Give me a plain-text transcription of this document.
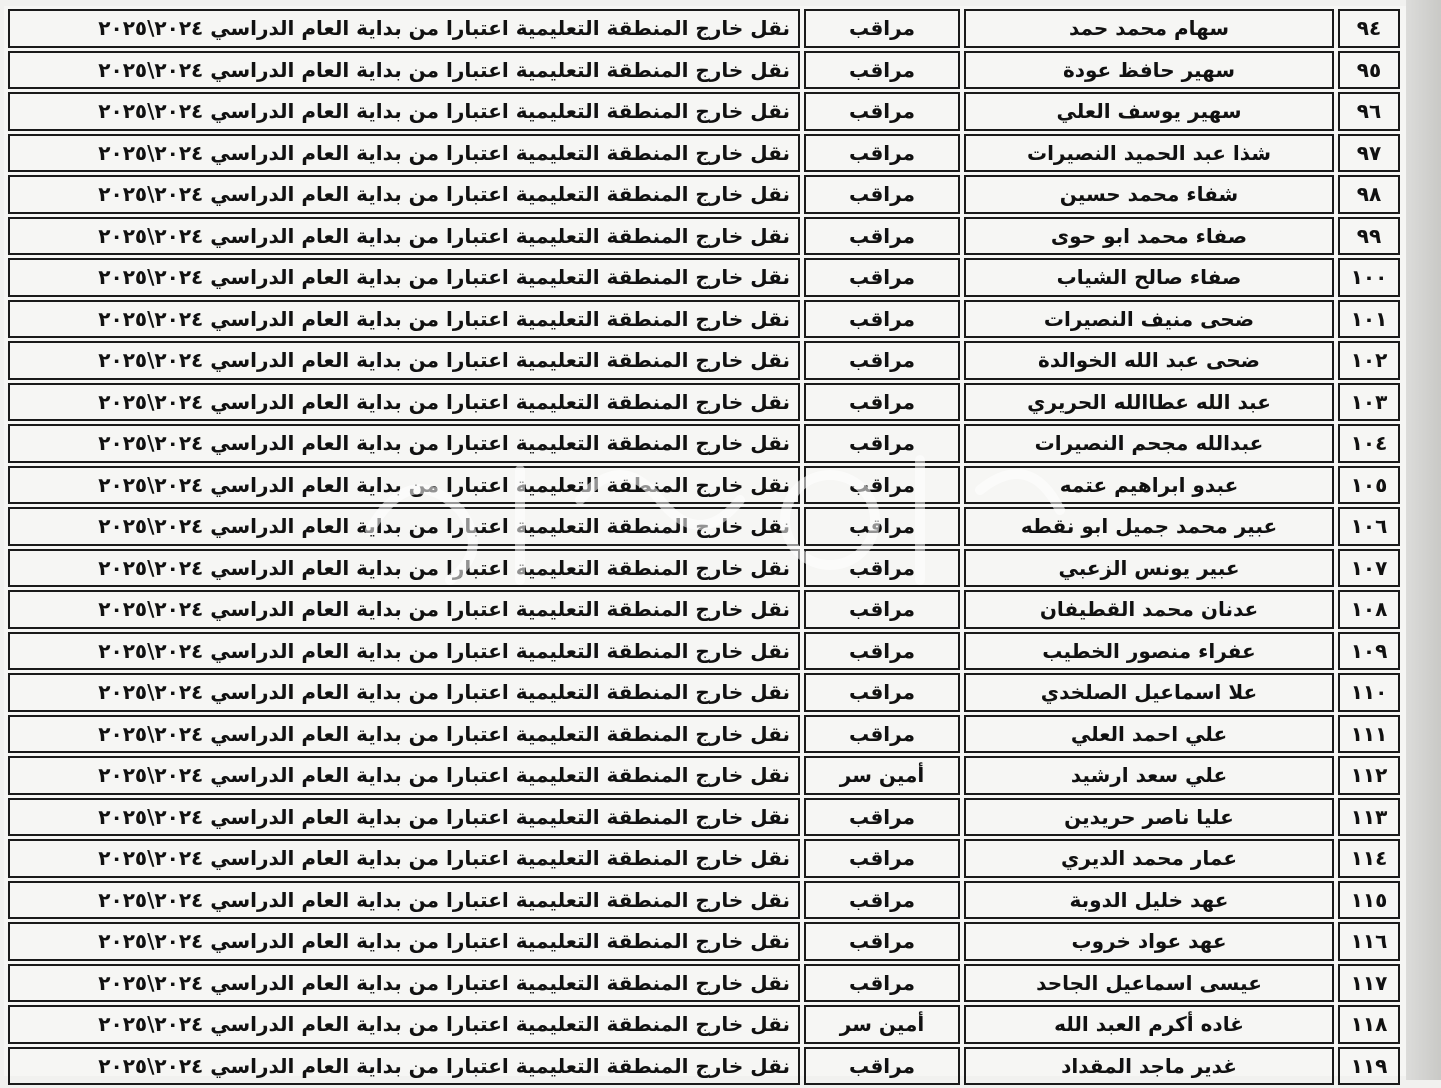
٩٤	سهام محمد حمد	مراقب	نقل خارج المنطقة التعليمية اعتبارا من بداية العام الدراسي ٢٠٢٤\٢٠٢٥
٩٥	سهير حافظ عودة	مراقب	نقل خارج المنطقة التعليمية اعتبارا من بداية العام الدراسي ٢٠٢٤\٢٠٢٥
٩٦	سهير يوسف العلي	مراقب	نقل خارج المنطقة التعليمية اعتبارا من بداية العام الدراسي ٢٠٢٤\٢٠٢٥
٩٧	شذا عبد الحميد النصيرات	مراقب	نقل خارج المنطقة التعليمية اعتبارا من بداية العام الدراسي ٢٠٢٤\٢٠٢٥
٩٨	شفاء محمد حسين	مراقب	نقل خارج المنطقة التعليمية اعتبارا من بداية العام الدراسي ٢٠٢٤\٢٠٢٥
٩٩	صفاء محمد ابو حوى	مراقب	نقل خارج المنطقة التعليمية اعتبارا من بداية العام الدراسي ٢٠٢٤\٢٠٢٥
١٠٠	صفاء صالح الشياب	مراقب	نقل خارج المنطقة التعليمية اعتبارا من بداية العام الدراسي ٢٠٢٤\٢٠٢٥
١٠١	ضحى منيف النصيرات	مراقب	نقل خارج المنطقة التعليمية اعتبارا من بداية العام الدراسي ٢٠٢٤\٢٠٢٥
١٠٢	ضحى عبد الله الخوالدة	مراقب	نقل خارج المنطقة التعليمية اعتبارا من بداية العام الدراسي ٢٠٢٤\٢٠٢٥
١٠٣	عبد الله عطاالله الحريري	مراقب	نقل خارج المنطقة التعليمية اعتبارا من بداية العام الدراسي ٢٠٢٤\٢٠٢٥
١٠٤	عبدالله مجحم النصيرات	مراقب	نقل خارج المنطقة التعليمية اعتبارا من بداية العام الدراسي ٢٠٢٤\٢٠٢٥
١٠٥	عبدو ابراهيم عتمه	مراقب	نقل خارج المنطقة التعليمية اعتبارا من بداية العام الدراسي ٢٠٢٤\٢٠٢٥
١٠٦	عبير محمد جميل ابو نقطه	مراقب	نقل خارج المنطقة التعليمية اعتبارا من بداية العام الدراسي ٢٠٢٤\٢٠٢٥
١٠٧	عبير يونس الزعبي	مراقب	نقل خارج المنطقة التعليمية اعتبارا من بداية العام الدراسي ٢٠٢٤\٢٠٢٥
١٠٨	عدنان محمد القطيفان	مراقب	نقل خارج المنطقة التعليمية اعتبارا من بداية العام الدراسي ٢٠٢٤\٢٠٢٥
١٠٩	عفراء منصور الخطيب	مراقب	نقل خارج المنطقة التعليمية اعتبارا من بداية العام الدراسي ٢٠٢٤\٢٠٢٥
١١٠	علا اسماعيل الصلخدي	مراقب	نقل خارج المنطقة التعليمية اعتبارا من بداية العام الدراسي ٢٠٢٤\٢٠٢٥
١١١	علي احمد العلي	مراقب	نقل خارج المنطقة التعليمية اعتبارا من بداية العام الدراسي ٢٠٢٤\٢٠٢٥
١١٢	علي سعد ارشيد	أمين سر	نقل خارج المنطقة التعليمية اعتبارا من بداية العام الدراسي ٢٠٢٤\٢٠٢٥
١١٣	عليا ناصر حريدين	مراقب	نقل خارج المنطقة التعليمية اعتبارا من بداية العام الدراسي ٢٠٢٤\٢٠٢٥
١١٤	عمار محمد الديري	مراقب	نقل خارج المنطقة التعليمية اعتبارا من بداية العام الدراسي ٢٠٢٤\٢٠٢٥
١١٥	عهد خليل الدوبة	مراقب	نقل خارج المنطقة التعليمية اعتبارا من بداية العام الدراسي ٢٠٢٤\٢٠٢٥
١١٦	عهد عواد خروب	مراقب	نقل خارج المنطقة التعليمية اعتبارا من بداية العام الدراسي ٢٠٢٤\٢٠٢٥
١١٧	عيسى اسماعيل الجاحد	مراقب	نقل خارج المنطقة التعليمية اعتبارا من بداية العام الدراسي ٢٠٢٤\٢٠٢٥
١١٨	غاده أكرم العبد الله	أمين سر	نقل خارج المنطقة التعليمية اعتبارا من بداية العام الدراسي ٢٠٢٤\٢٠٢٥
١١٩	غدير ماجد المقداد	مراقب	نقل خارج المنطقة التعليمية اعتبارا من بداية العام الدراسي ٢٠٢٤\٢٠٢٥
